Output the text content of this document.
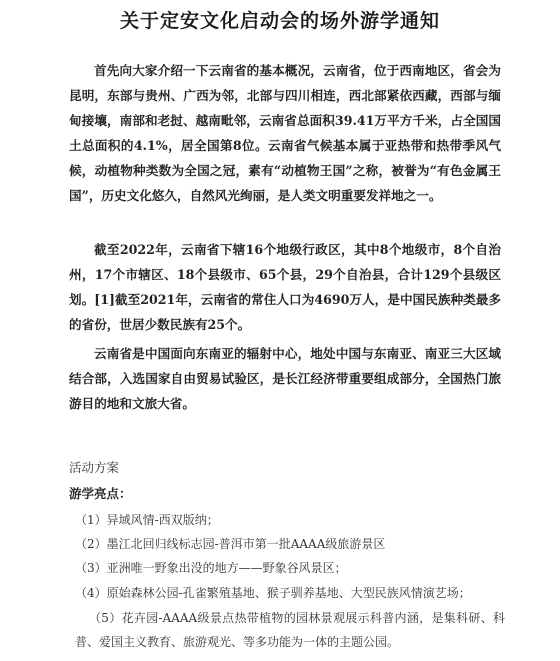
关于定安文化启动会的场外游学通知

首先向大家介绍一下云南省的基本概况，云南省，位于西南地区，省会为昆明，东部与贵州、广西为邻，北部与四川相连，西北部紧依西藏，西部与缅甸接壤，南部和老挝、越南毗邻，云南省总面积39.41万平方千米，占全国国土总面积的4.1%，居全国第8位。云南省气候基本属于亚热带和热带季风气候，动植物种类数为全国之冠，素有“动植物王国”之称，被誉为“有色金属王国”，历史文化悠久，自然风光绚丽，是人类文明重要发祥地之一。

截至2022年，云南省下辖16个地级行政区，其中8个地级市，8个自治州，17个市辖区、18个县级市、65个县，29个自治县，合计129个县级区划。[1]截至2021年，云南省的常住人口为4690万人，是中国民族种类最多的省份，世居少数民族有25个。

云南省是中国面向东南亚的辐射中心，地处中国与东南亚、南亚三大区域结合部，入选国家自由贸易试验区，是长江经济带重要组成部分，全国热门旅游目的地和文旅大省。

活动方案

游学亮点：

（1）异域风情-西双版纳；

（2）墨江北回归线标志园-普洱市第一批AAAA级旅游景区

（3）亚洲唯一野象出没的地方——野象谷风景区；

（4）原始森林公园-孔雀繁殖基地、猴子驯养基地、大型民族风情演艺场；

（5）花卉园-AAAA级景点热带植物的园林景观展示科普内涵，是集科研、科普、爱国主义教育、旅游观光、等多功能为一体的主题公园。
